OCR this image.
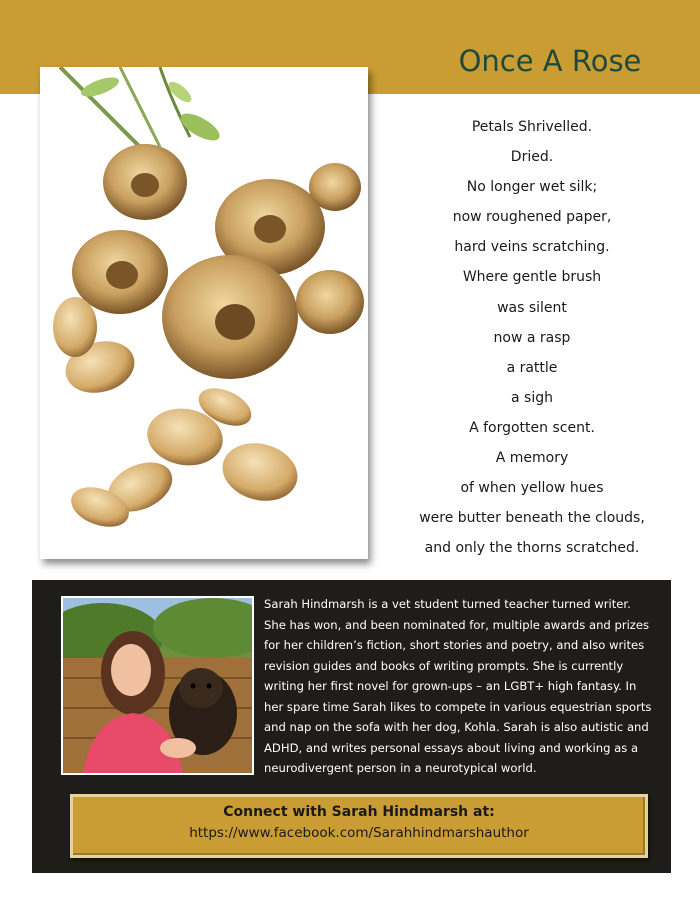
Once A Rose
Petals Shrivelled.
Dried.
No longer wet silk;
now roughened paper,
hard veins scratching.
Where gentle brush
was silent
now a rasp
a rattle
a sigh
A forgotten scent.
A memory
of when yellow hues
were butter beneath the clouds,
and only the thorns scratched.
Sarah Hindmarsh is a vet student turned teacher turned writer. She has won, and been nominated for, multiple awards and prizes for her children’s fiction, short stories and poetry, and also writes revision guides and books of writing prompts. She is currently writing her first novel for grown-ups – an LGBT+ high fantasy. In her spare time Sarah likes to compete in various equestrian sports and nap on the sofa with her dog, Kohla. Sarah is also autistic and ADHD, and writes personal essays about living and working as a neurodivergent person in a neurotypical world.
Connect with Sarah Hindmarsh at:
https://www.facebook.com/Sarahhindmarshauthor
